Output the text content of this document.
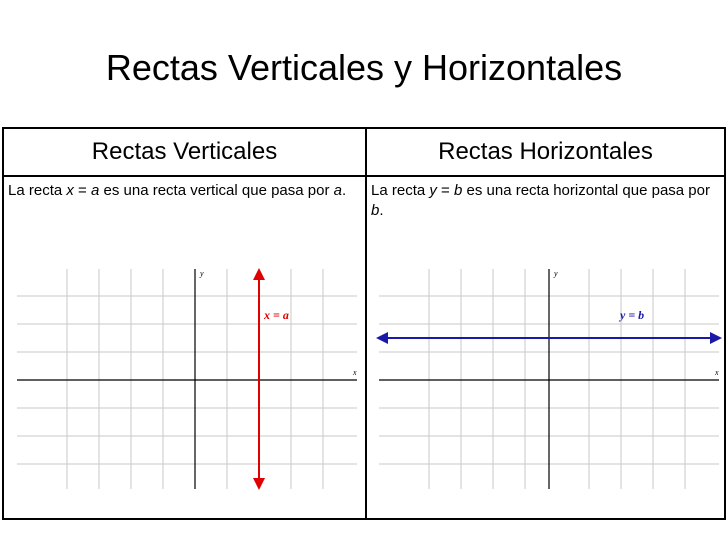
Rectas Verticales y Horizontales
Rectas Verticales	Rectas Horizontales
La recta x = a es una recta vertical que pasa por a.	La recta y = b es una recta horizontal que pasa por b.
y
x
x = a
y
x
y = b
